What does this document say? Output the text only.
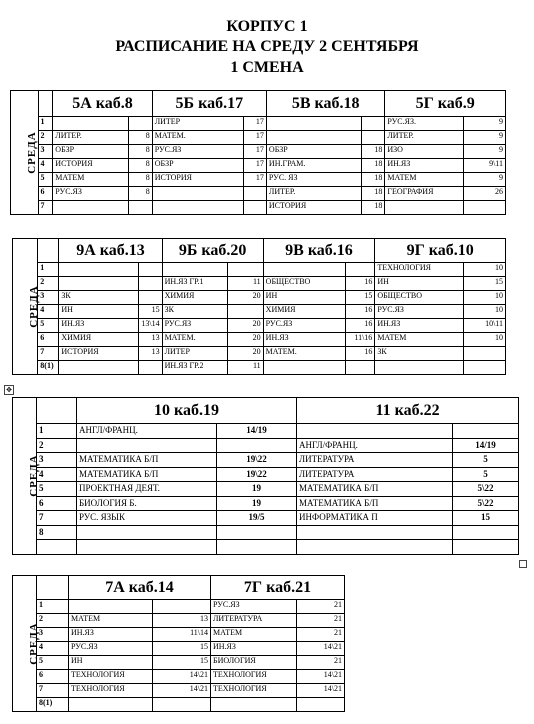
КОРПУС 1
РАСПИСАНИЕ НА СРЕДУ 2 СЕНТЯБРЯ
1 СМЕНА
✥
СРЕДА		5А каб.8		5Б каб.17		5В каб.18		5Г каб.9	
	1			ЛИТЕР	17			РУС.ЯЗ.	9
	2	ЛИТЕР.	8	МАТЕМ.	17			ЛИТЕР.	9
	3	ОБЗР	8	РУС.ЯЗ	17	ОБЗР	18	ИЗО	9
	4	ИСТОРИЯ	8	ОБЗР	17	ИН.ГРАМ.	18	ИН.ЯЗ	9\11
	5	МАТЕМ	8	ИСТОРИЯ	17	РУС. ЯЗ	18	МАТЕМ	9
	6	РУС.ЯЗ	8			ЛИТЕР.	18	ГЕОГРАФИЯ	26
	7					ИСТОРИЯ	18		
СРЕДА		9А каб.13		9Б каб.20		9В каб.16		9Г каб.10	
	1							ТЕХНОЛОГИЯ	10
	2			ИН.ЯЗ ГР.1	11	ОБЩЕСТВО	16	ИН	15
	3	ЗК		ХИМИЯ	20	ИН	15	ОБЩЕСТВО	10
	4	ИН	15	ЗК		ХИМИЯ	16	РУС.ЯЗ	10
	5	ИН.ЯЗ	13\14	РУС.ЯЗ	20	РУС.ЯЗ	16	ИН.ЯЗ	10\11
	6	ХИМИЯ	13	МАТЕМ.	20	ИН.ЯЗ	11\16	МАТЕМ	10
	7	ИСТОРИЯ	13	ЛИТЕР	20	МАТЕМ.	16	ЗК	
	8(1)			ИН.ЯЗ ГР.2	11				
СРЕДА		10 каб.19		11 каб.22	
	1	АНГЛ/ФРАНЦ.	14/19		
	2			АНГЛ/ФРАНЦ.	14/19
	3	МАТЕМАТИКА Б/П	19\22	ЛИТЕРАТУРА	5
	4	МАТЕМАТИКА Б/П	19\22	ЛИТЕРАТУРА	5
	5	ПРОЕКТНАЯ ДЕЯТ.	19	МАТЕМАТИКА Б/П	5\22
	6	БИОЛОГИЯ Б.	19	МАТЕМАТИКА Б/П	5\22
	7	РУС. ЯЗЫК	19/5	ИНФОРМАТИКА П	15
	8				

СРЕДА		7А каб.14		7Г каб.21	
	1			РУС.ЯЗ	21
	2	МАТЕМ	13	ЛИТЕРАТУРА	21
	3	ИН.ЯЗ	11\14	МАТЕМ	21
	4	РУС.ЯЗ	15	ИН.ЯЗ	14\21
	5	ИН	15	БИОЛОГИЯ	21
	6	ТЕХНОЛОГИЯ	14\21	ТЕХНОЛОГИЯ	14\21
	7	ТЕХНОЛОГИЯ	14\21	ТЕХНОЛОГИЯ	14\21
	8(1)				
